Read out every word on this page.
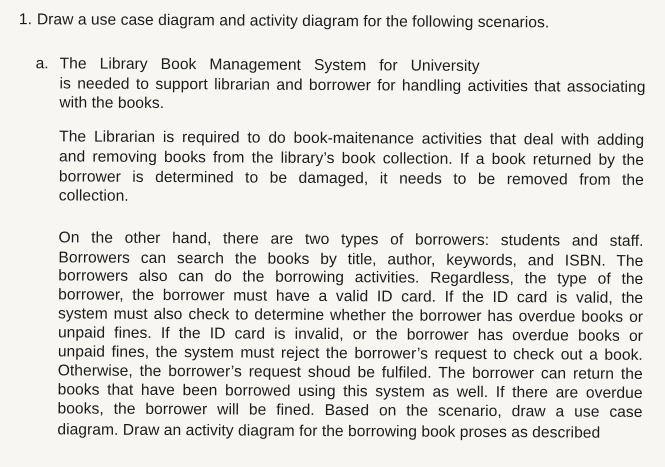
1. Draw a use case diagram and activity diagram for the following scenarios.
a. The Library Book Management System for University
is needed to support librarian and borrower for handling activities that associating
with the books.
The Librarian is required to do book-maitenance activities that deal with adding
and removing books from the library’s book collection. If a book returned by the
borrower is determined to be damaged, it needs to be removed from the
collection.
On the other hand, there are two types of borrowers: students and staff.
Borrowers can search the books by title, author, keywords, and ISBN. The
borrowers also can do the borrowing activities. Regardless, the type of the
borrower, the borrower must have a valid ID card. If the ID card is valid, the
system must also check to determine whether the borrower has overdue books or
unpaid fines. If the ID card is invalid, or the borrower has overdue books or
unpaid fines, the system must reject the borrower’s request to check out a book.
Otherwise, the borrower’s request shoud be fulfiled. The borrower can return the
books that have been borrowed using this system as well. If there are overdue
books, the borrower will be fined. Based on the scenario, draw a use case
diagram. Draw an activity diagram for the borrowing book proses as described
